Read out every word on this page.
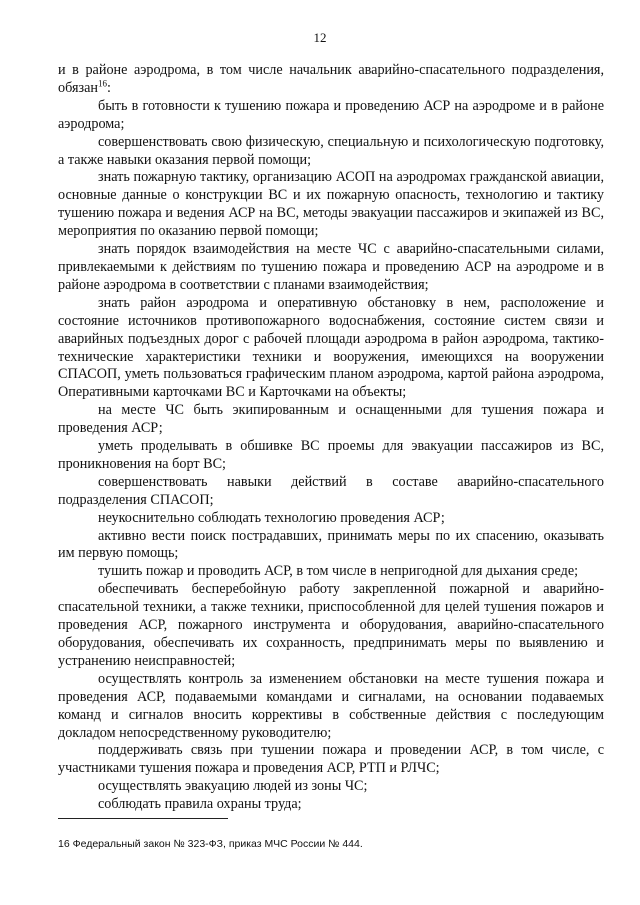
12

и в районе аэродрома, в том числе начальник аварийно-спасательного подразделения, обязан$^{16}$:

быть в готовности к тушению пожара и проведению АСР на аэродроме и в районе аэродрома;

совершенствовать свою физическую, специальную и психологическую подготовку, а также навыки оказания первой помощи;

знать пожарную тактику, организацию АСОП на аэродромах гражданской авиации, основные данные о конструкции ВС и их пожарную опасность, технологию и тактику тушению пожара и ведения АСР на ВС, методы эвакуации пассажиров и экипажей из ВС, мероприятия по оказанию первой помощи;

знать порядок взаимодействия на месте ЧС с аварийно-спасательными силами, привлекаемыми к действиям по тушению пожара и проведению АСР на аэродроме и в районе аэродрома в соответствии с планами взаимодействия;

знать район аэродрома и оперативную обстановку в нем, расположение и состояние источников противопожарного водоснабжения, состояние систем связи и аварийных подъездных дорог с рабочей площади аэродрома в район аэродрома, тактико-технические характеристики техники и вооружения, имеющихся на вооружении СПАСОП, уметь пользоваться графическим планом аэродрома, картой района аэродрома, Оперативными карточками ВС и Карточками на объекты;

на месте ЧС быть экипированным и оснащенными для тушения пожара и проведения АСР;

уметь проделывать в обшивке ВС проемы для эвакуации пассажиров из ВС, проникновения на борт ВС;

совершенствовать навыки действий в составе аварийно-спасательного подразделения СПАСОП;

неукоснительно соблюдать технологию проведения АСР;

активно вести поиск пострадавших, принимать меры по их спасению, оказывать им первую помощь;

тушить пожар и проводить АСР, в том числе в непригодной для дыхания среде;

обеспечивать бесперебойную работу закрепленной пожарной и аварийно-спасательной техники, а также техники, приспособленной для целей тушения пожаров и проведения АСР, пожарного инструмента и оборудования, аварийно-спасательного оборудования, обеспечивать их сохранность, предпринимать меры по выявлению и устранению неисправностей;

осуществлять контроль за изменением обстановки на месте тушения пожара и проведения АСР, подаваемыми командами и сигналами, на основании подаваемых команд и сигналов вносить коррективы в собственные действия с последующим докладом непосредственному руководителю;

поддерживать связь при тушении пожара и проведении АСР, в том числе, с участниками тушения пожара и проведения АСР, РТП и РЛЧС;

осуществлять эвакуацию людей из зоны ЧС;

соблюдать правила охраны труда;

16 Федеральный закон № 323-ФЗ, приказ МЧС России № 444.
